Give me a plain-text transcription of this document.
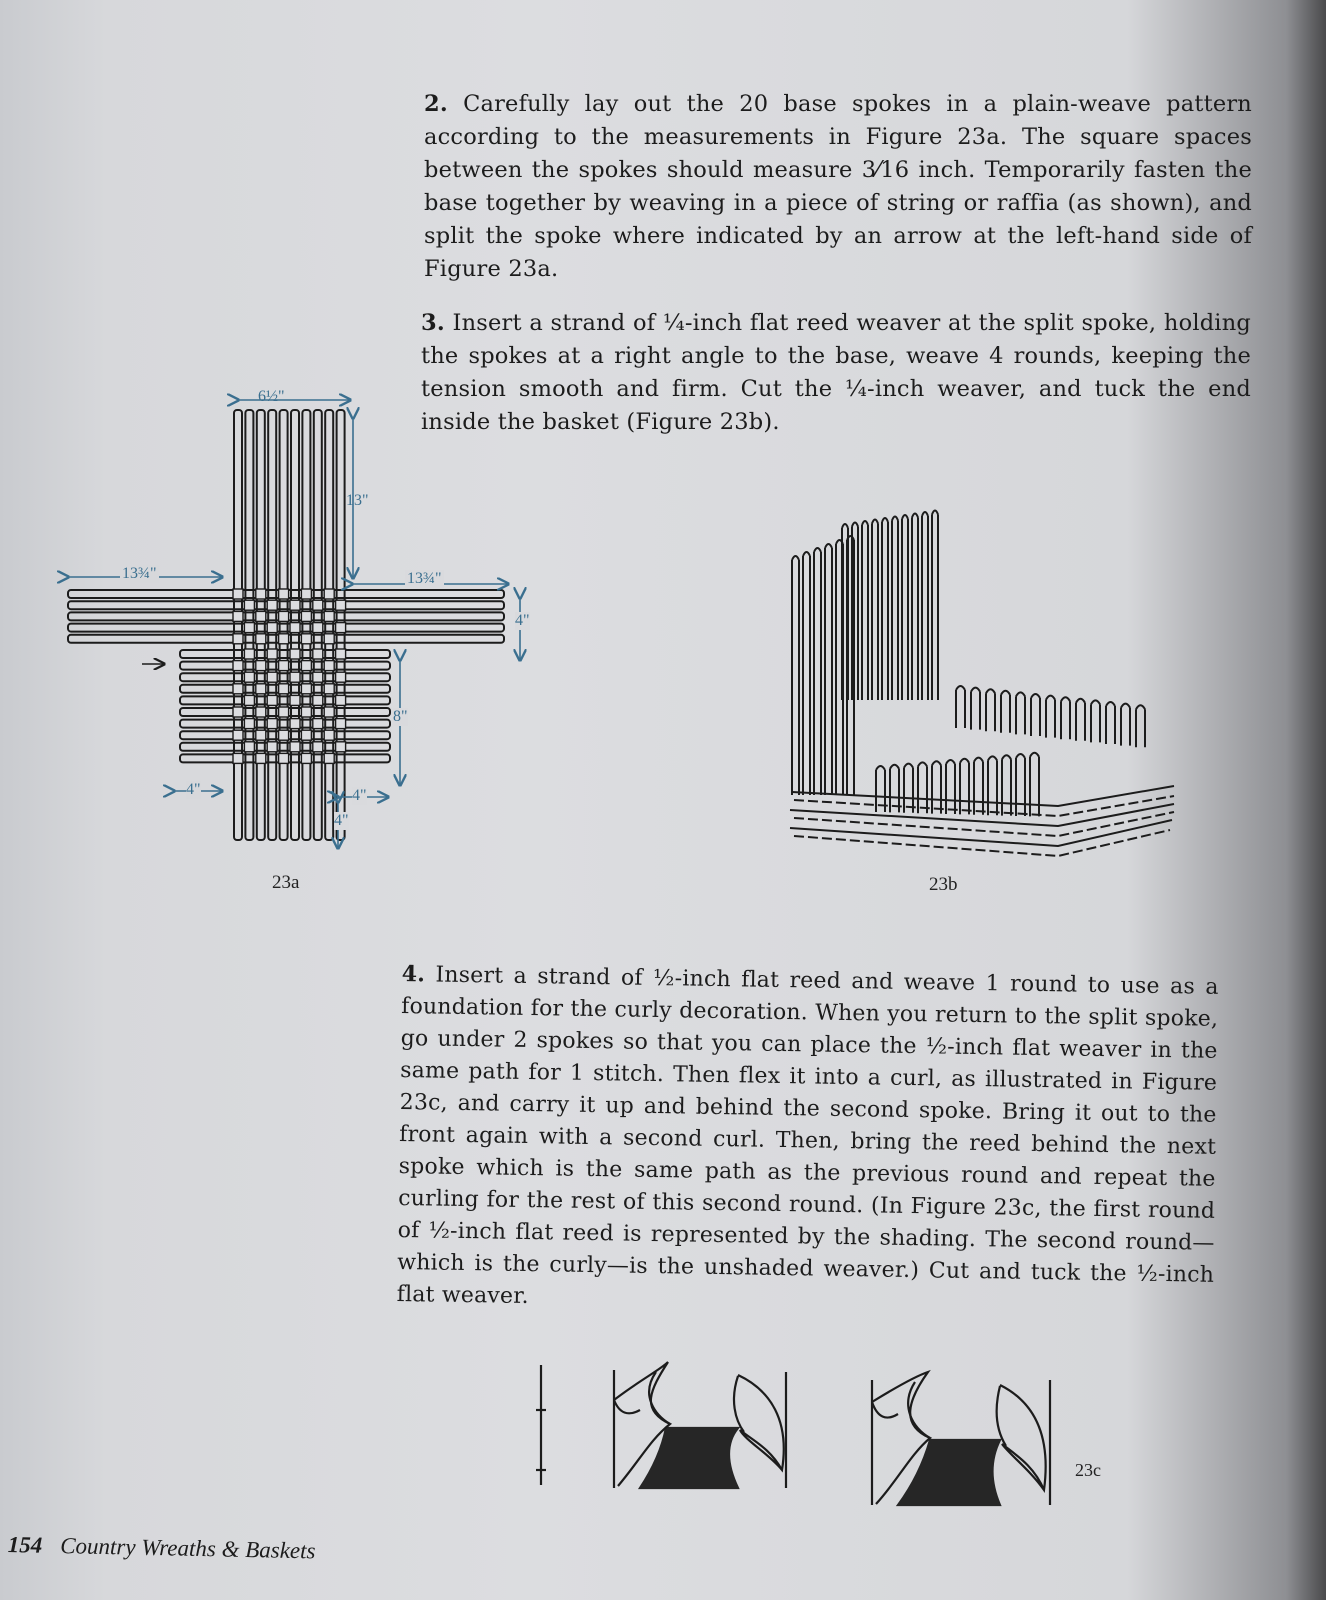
2. Carefully lay out the 20 base spokes in a plain-weave pattern according to the measurements in Figure 23a. The square spaces between the spokes should measure 3⁄16 inch. Temporarily fasten the base together by weaving in a piece of string or raffia (as shown), and split the spoke where indicated by an arrow at the left-hand side of Figure 23a.

3. Insert a strand of ¼-inch flat reed weaver at the split spoke, holding the spokes at a right angle to the base, weave 4 rounds, keeping the tension smooth and firm. Cut the ¼-inch weaver, and tuck the end inside the basket (Figure 23b).

4. Insert a strand of ½-inch flat reed and weave 1 round to use as a foundation for the curly decoration. When you return to the split spoke, go under 2 spokes so that you can place the ½-inch flat weaver in the same path for 1 stitch. Then flex it into a curl, as illustrated in Figure 23c, and carry it up and behind the second spoke. Bring it out to the front again with a second curl. Then, bring the reed behind the next spoke which is the same path as the previous round and repeat the curling for the rest of this second round. (In Figure 23c, the first round of ½-inch flat reed is represented by the shading. The second round—which is the curly—is the unshaded weaver.) Cut and tuck the ½-inch flat weaver.

6½"
13"
13¾"	13¾"
4"
8"
4"	4"
4"
23a	23b
23c
154 Country Wreaths & Baskets
